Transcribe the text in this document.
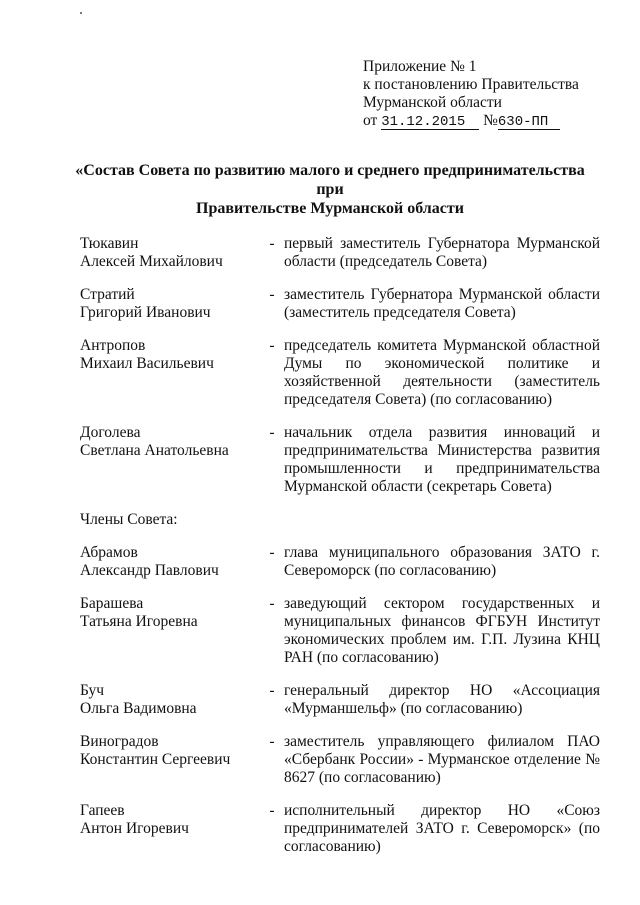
Приложение № 1
к постановлению Правительства
Мурманской области
от 31.12.2015 №630-ПП
«Состав Совета по развитию малого и среднего предпринимательства при
Правительстве Мурманской области
Тюкавин
Алексей Михайлович
- первый заместитель Губернатора Мурманской области (председатель Совета)
Стратий
Григорий Иванович
- заместитель Губернатора Мурманской области (заместитель председателя Совета)
Антропов
Михаил Васильевич
- председатель комитета Мурманской областной Думы по экономической политике и хозяйственной деятельности (заместитель председателя Совета) (по согласованию)
Доголева
Светлана Анатольевна
- начальник отдела развития инноваций и предпринимательства Министерства развития промышленности и предпринимательства Мурманской области (секретарь Совета)
Члены Совета:
Абрамов
Александр Павлович
- глава муниципального образования ЗАТО г. Североморск (по согласованию)
Барашева
Татьяна Игоревна
- заведующий сектором государственных и муниципальных финансов ФГБУН Институт экономических проблем им. Г.П. Лузина КНЦ РАН (по согласованию)
Буч
Ольга Вадимовна
- генеральный директор НО «Ассоциация «Мурманшельф» (по согласованию)
Виноградов
Константин Сергеевич
- заместитель управляющего филиалом ПАО «Сбербанк России» - Мурманское отделение № 8627 (по согласованию)
Гапеев
Антон Игоревич
- исполнительный директор НО «Союз предпринимателей ЗАТО г. Североморск» (по согласованию)
